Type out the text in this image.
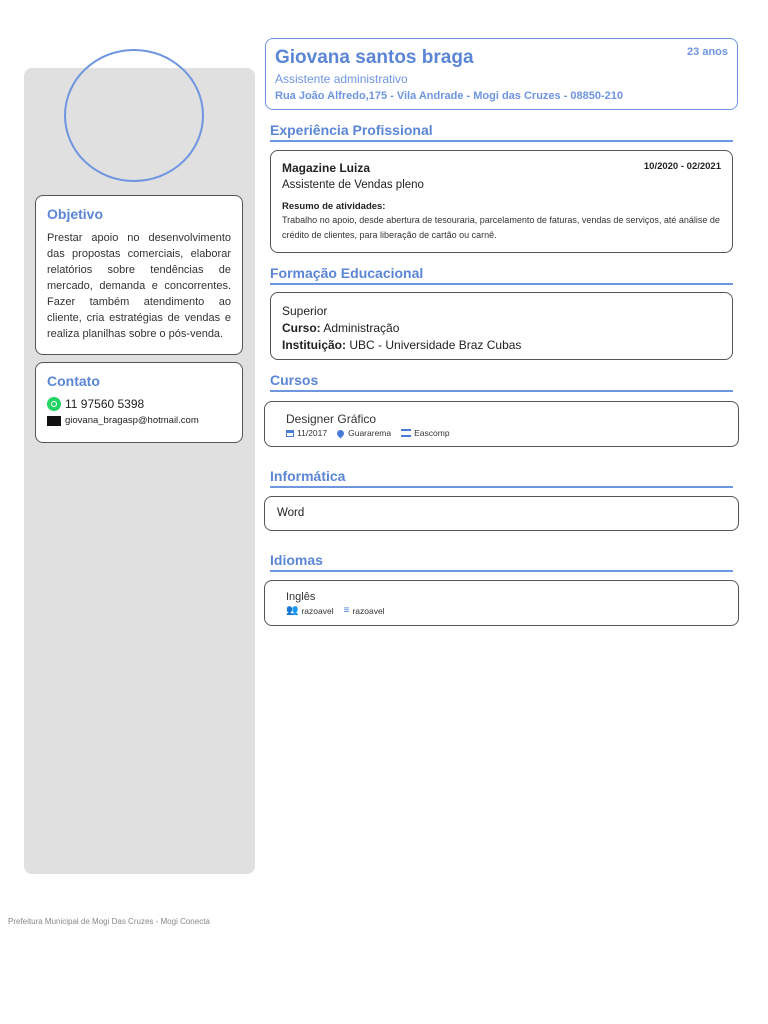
Objetivo

Prestar apoio no desenvolvimento das propostas comerciais, elaborar relatórios sobre tendências de mercado, demanda e concorrentes. Fazer também atendimento ao cliente, cria estratégias de vendas e realiza planilhas sobre o pós-venda.

Contato
11 97560 5398
giovana_bragasp@hotmail.com
Giovana santos braga
Assistente administrativo
Rua João Alfredo,175 - Vila Andrade - Mogi das Cruzes - 08850-210
23 anos
Experiência Profissional
Magazine Luiza	10/2020 - 02/2021
Assistente de Vendas pleno
Resumo de atividades:
Trabalho no apoio, desde abertura de tesouraria, parcelamento de faturas, vendas de serviços, até análise de crédito de clientes, para liberação de cartão ou carnê.
Formação Educacional
Superior
Curso: Administração
Instituição: UBC - Universidade Braz Cubas
Cursos
Designer Gráfico
11/2017 Guararema	Eascomp
Informática
Word
Idiomas
Inglês
👥 razoavel ≡ razoavel
Prefeitura Municipal de Mogi Das Cruzes - Mogi Conecta
